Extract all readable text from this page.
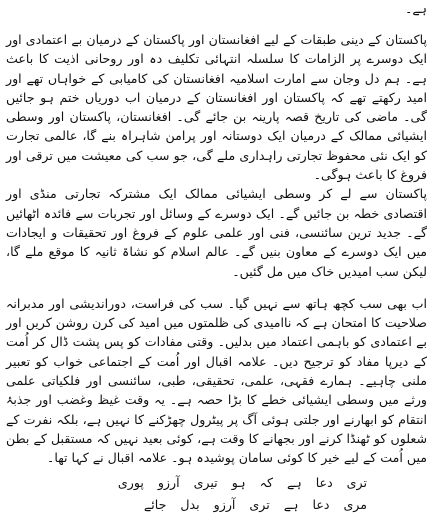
ہے۔

پاکستان کے دینی طبقات کے لیے افغانستان اور پاکستان کے درمیان بے اعتمادی اور ایک دوسرے پر الزامات کا سلسلہ انتہائی تکلیف دہ اور روحانی اذیت کا باعث ہے۔ ہم دل وجان سے امارت اسلامیہ افغانستان کی کامیابی کے خواہاں تھے اور امید رکھتے تھے کہ پاکستان اور افغانستان کے درمیان اب دوریاں ختم ہو جائیں گی۔ ماضی کی تاریخ قصہ پارینہ بن جائے گی۔ افغانستان، پاکستان اور وسطی ایشیائی ممالک کے درمیان ایک دوستانہ اور پرامن شاہراہ بنے گا، عالمی تجارت کو ایک نئی محفوظ تجارتی راہداری ملے گی، جو سب کی معیشت میں ترقی اور فروغ کا باعث ہوگی۔

پاکستان سے لے کر وسطی ایشیائی ممالک ایک مشترکہ تجارتی منڈی اور اقتصادی خطہ بن جائیں گے۔ ایک دوسرے کے وسائل اور تجربات سے فائدہ اٹھائیں گے۔ جدید ترین سائنسی، فنی اور علمی علوم کے فروغ اور تحقیقات و ایجادات میں ایک دوسرے کے معاون بنیں گے۔ عالم اسلام کو نشاۃ ثانیہ کا موقع ملے گا، لیکن سب امیدیں خاک میں مل گئیں۔

اب بھی سب کچھ ہاتھ سے نہیں گیا۔ سب کی فراست، دوراندیشی اور مدبرانہ صلاحیت کا امتحان ہے کہ ناامیدی کی ظلمتوں میں امید کی کرن روشن کریں اور بے اعتمادی کو باہمی اعتماد میں بدلیں۔ وقتی مفادات کو پس پشت ڈال کر اُمت کے دیرپا مفاد کو ترجیح دیں۔ علامہ اقبال اور اُمت کے اجتماعی خواب کو تعبیر ملنی چاہیے۔ ہمارے فقہی، علمی، تحقیقی، طبی، سائنسی اور فلکیاتی علمی ورثے میں وسطی ایشیائی خطے کا بڑا حصہ ہے۔ یہ وقت غیظ وغضب اور جذبۂ انتقام کو ابھارنے اور جلتی ہوئی آگ پر پیٹرول چھڑکنے کا نہیں ہے، بلکہ نفرت کے شعلوں کو ٹھنڈا کرنے اور بجھانے کا وقت ہے، کوئی بعید نہیں کہ مستقبل کے بطن میں اُمت کے لیے خیر کا کوئی سامان پوشیدہ ہو۔ علامہ اقبال نے کہا تھا۔

تری دعا ہے کہ ہو تیری آرزو پوری
مری دعا ہے تری آرزو بدل جائے
